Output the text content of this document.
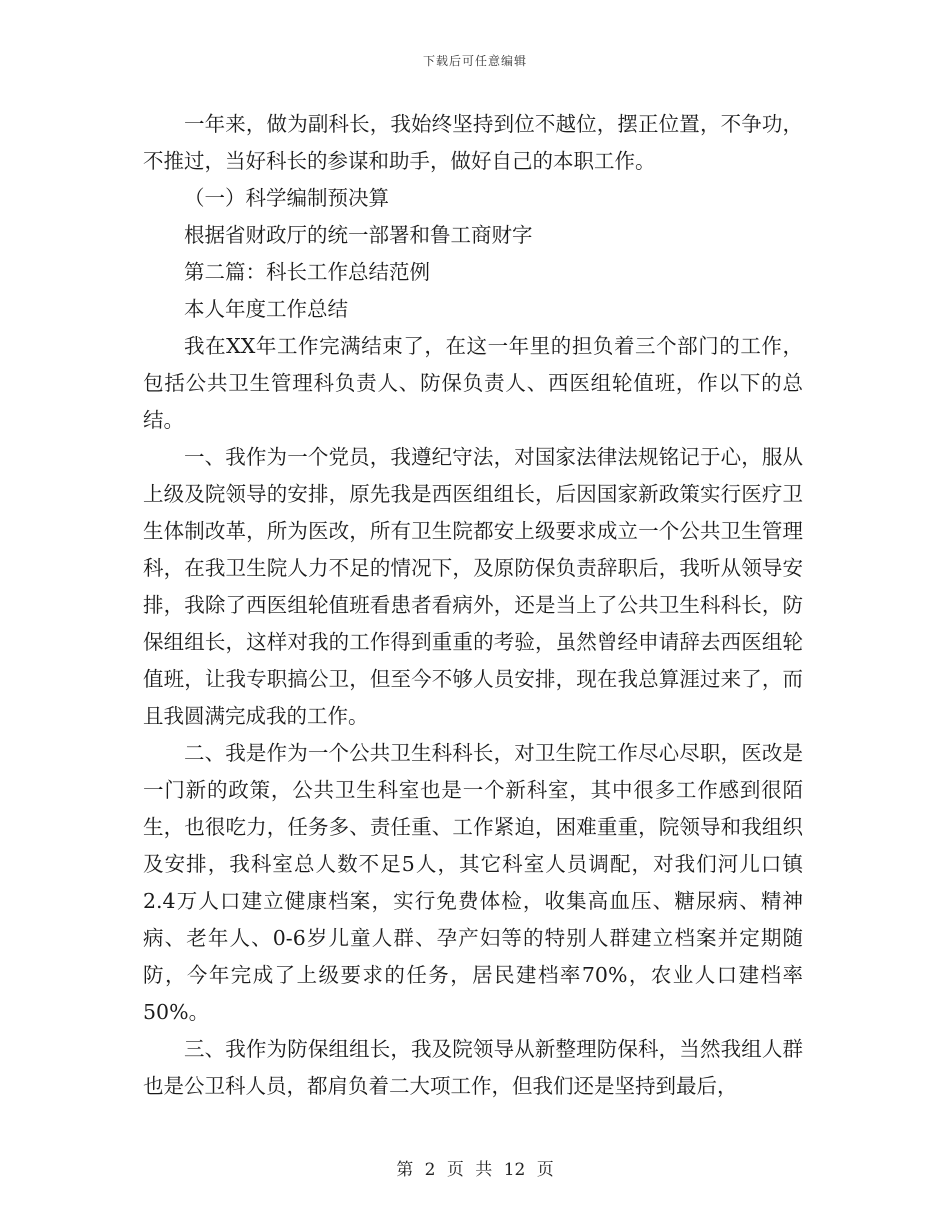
下载后可任意编辑

一年来，做为副科长，我始终坚持到位不越位，摆正位置，不争功，不推过，当好科长的参谋和助手，做好自己的本职工作。

（一）科学编制预决算

根据省财政厅的统一部署和鲁工商财字

第二篇：科长工作总结范例

本人年度工作总结

我在XX年工作完满结束了，在这一年里的担负着三个部门的工作，包括公共卫生管理科负责人、防保负责人、西医组轮值班，作以下的总结。

一、我作为一个党员，我遵纪守法，对国家法律法规铭记于心，服从上级及院领导的安排，原先我是西医组组长，后因国家新政策实行医疗卫生体制改革，所为医改，所有卫生院都安上级要求成立一个公共卫生管理科，在我卫生院人力不足的情况下，及原防保负责辞职后，我听从领导安排，我除了西医组轮值班看患者看病外，还是当上了公共卫生科科长，防保组组长，这样对我的工作得到重重的考验，虽然曾经申请辞去西医组轮值班，让我专职搞公卫，但至今不够人员安排，现在我总算涯过来了，而且我圆满完成我的工作。

二、我是作为一个公共卫生科科长，对卫生院工作尽心尽职，医改是一门新的政策，公共卫生科室也是一个新科室，其中很多工作感到很陌生，也很吃力，任务多、责任重、工作紧迫，困难重重，院领导和我组织及安排，我科室总人数不足5人，其它科室人员调配，对我们河儿口镇2.4万人口建立健康档案，实行免费体检，收集高血压、糖尿病、精神病、老年人、0-6岁儿童人群、孕产妇等的特别人群建立档案并定期随防，今年完成了上级要求的任务，居民建档率70%，农业人口建档率50%。

三、我作为防保组组长，我及院领导从新整理防保科，当然我组人群也是公卫科人员，都肩负着二大项工作，但我们还是坚持到最后，

第 2 页 共 12 页
